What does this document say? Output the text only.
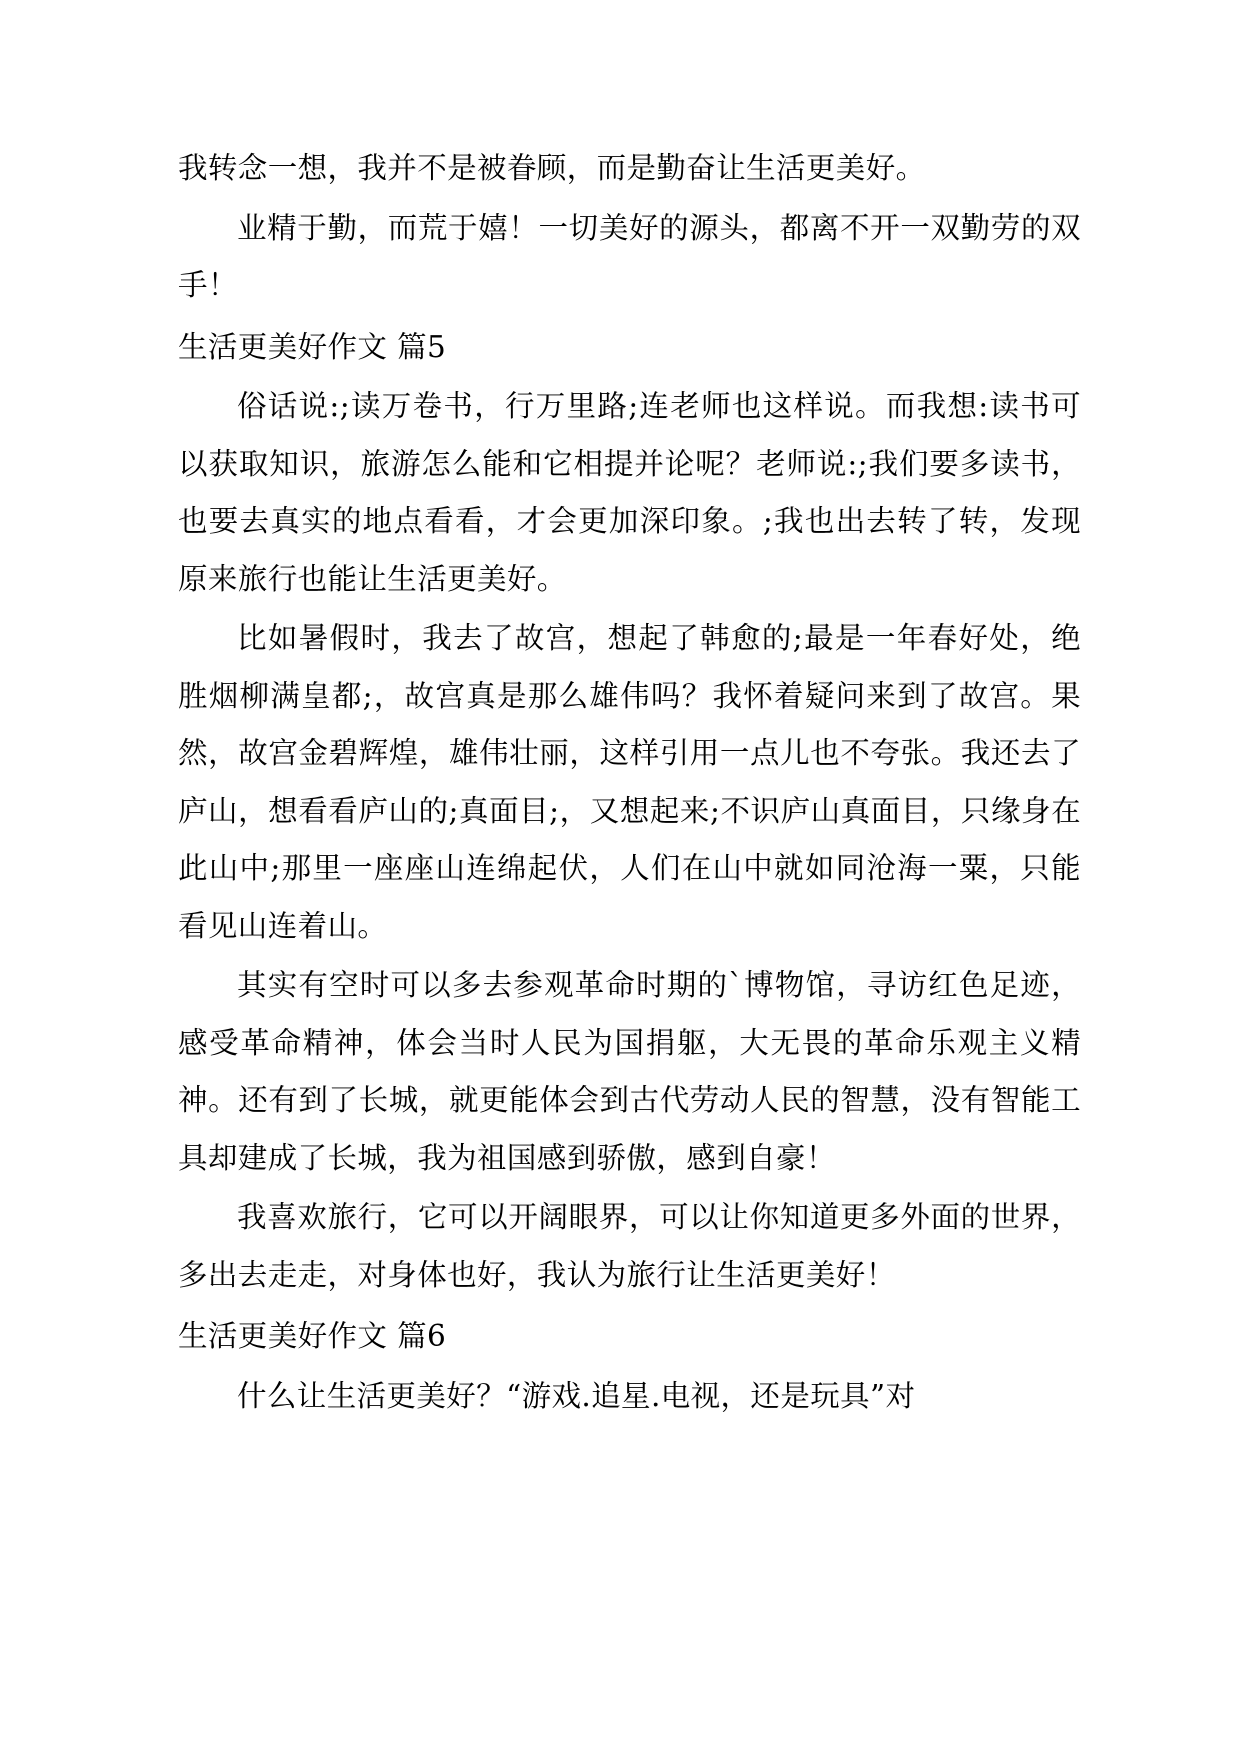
我转念一想，我并不是被眷顾，而是勤奋让生活更美好。

业精于勤，而荒于嬉！一切美好的源头，都离不开一双勤劳的双手！

生活更美好作文 篇5

俗话说:;读万卷书，行万里路;连老师也这样说。而我想:读书可以获取知识，旅游怎么能和它相提并论呢？老师说:;我们要多读书，也要去真实的地点看看，才会更加深印象。;我也出去转了转，发现原来旅行也能让生活更美好。

比如暑假时，我去了故宫，想起了韩愈的;最是一年春好处，绝胜烟柳满皇都;，故宫真是那么雄伟吗？我怀着疑问来到了故宫。果然，故宫金碧辉煌，雄伟壮丽，这样引用一点儿也不夸张。我还去了庐山，想看看庐山的;真面目;，又想起来;不识庐山真面目，只缘身在此山中;那里一座座山连绵起伏，人们在山中就如同沧海一粟，只能看见山连着山。

其实有空时可以多去参观革命时期的`博物馆，寻访红色足迹，感受革命精神，体会当时人民为国捐躯，大无畏的革命乐观主义精神。还有到了长城，就更能体会到古代劳动人民的智慧，没有智能工具却建成了长城，我为祖国感到骄傲，感到自豪！

我喜欢旅行，它可以开阔眼界，可以让你知道更多外面的世界，多出去走走，对身体也好，我认为旅行让生活更美好！

生活更美好作文 篇6

什么让生活更美好？“游戏.追星.电视，还是玩具”对
